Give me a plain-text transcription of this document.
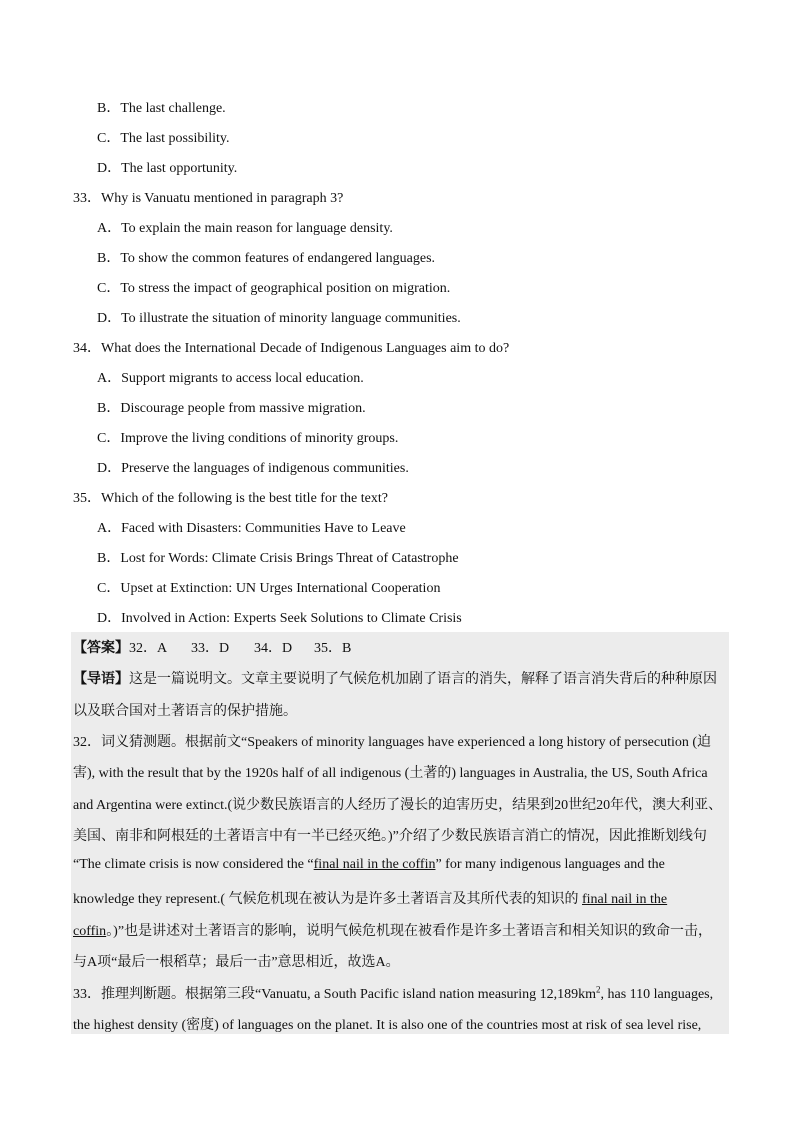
B．The last challenge.
C．The last possibility.
D．The last opportunity.
33．Why is Vanuatu mentioned in paragraph 3?
A．To explain the main reason for language density.
B．To show the common features of endangered languages.
C．To stress the impact of geographical position on migration.
D．To illustrate the situation of minority language communities.
34．What does the International Decade of Indigenous Languages aim to do?
A．Support migrants to access local education.
B．Discourage people from massive migration.
C．Improve the living conditions of minority groups.
D．Preserve the languages of indigenous communities.
35．Which of the following is the best title for the text?
A．Faced with Disasters: Communities Have to Leave
B．Lost for Words: Climate Crisis Brings Threat of Catastrophe
C．Upset at Extinction: UN Urges International Cooperation
D．Involved in Action: Experts Seek Solutions to Climate Crisis
【答案】32．A 33．D 34．D 35．B
【导语】这是一篇说明文。文章主要说明了气候危机加剧了语言的消失，解释了语言消失背后的种种原因
以及联合国对土著语言的保护措施。
32．词义猜测题。根据前文“Speakers of minority languages have experienced a long history of persecution (迫
害), with the result that by the 1920s half of all indigenous (土著的) languages in Australia, the US, South Africa
and Argentina were extinct.(说少数民族语言的人经历了漫长的迫害历史，结果到20世纪20年代，澳大利亚、
美国、南非和阿根廷的土著语言中有一半已经灭绝。)”介绍了少数民族语言消亡的情况，因此推断划线句
“The climate crisis is now considered the “final nail in the coffin” for many indigenous languages and the
knowledge they represent.( 气候危机现在被认为是许多土著语言及其所代表的知识的 final nail in the
coffin。)”也是讲述对土著语言的影响，说明气候危机现在被看作是许多土著语言和相关知识的致命一击，
与A项“最后一根稻草；最后一击”意思相近，故选A。
33．推理判断题。根据第三段“Vanuatu, a South Pacific island nation measuring $12,189km^2$, has 110 languages,
the highest density (密度) of languages on the planet. It is also one of the countries most at risk of sea level rise,
